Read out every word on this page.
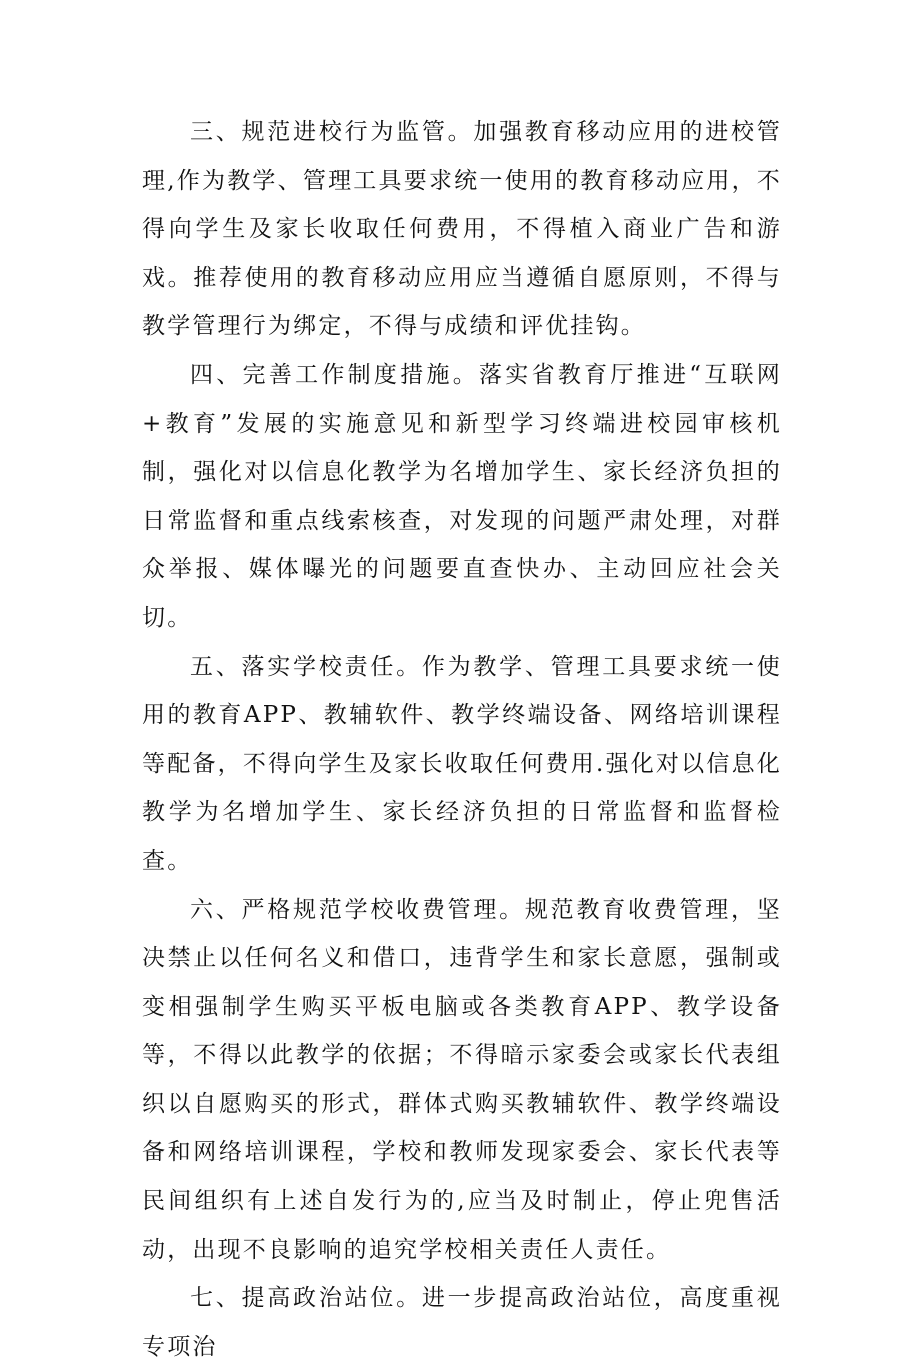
三、规范进校行为监管。加强教育移动应用的进校管理,作为教学、管理工具要求统一使用的教育移动应用，不得向学生及家长收取任何费用，不得植入商业广告和游戏。推荐使用的教育移动应用应当遵循自愿原则，不得与教学管理行为绑定，不得与成绩和评优挂钩。

四、完善工作制度措施。落实省教育厅推进“互联网+教育”发展的实施意见和新型学习终端进校园审核机制，强化对以信息化教学为名增加学生、家长经济负担的日常监督和重点线索核查，对发现的问题严肃处理，对群众举报、媒体曝光的问题要直查快办、主动回应社会关切。

五、落实学校责任。作为教学、管理工具要求统一使用的教育APP、教辅软件、教学终端设备、网络培训课程等配备，不得向学生及家长收取任何费用.强化对以信息化教学为名增加学生、家长经济负担的日常监督和监督检查。

六、严格规范学校收费管理。规范教育收费管理，坚决禁止以任何名义和借口，违背学生和家长意愿，强制或变相强制学生购买平板电脑或各类教育APP、教学设备等，不得以此教学的依据；不得暗示家委会或家长代表组织以自愿购买的形式，群体式购买教辅软件、教学终端设备和网络培训课程，学校和教师发现家委会、家长代表等民间组织有上述自发行为的,应当及时制止，停止兜售活动，出现不良影响的追究学校相关责任人责任。

七、提高政治站位。进一步提高政治站位，高度重视专项治
